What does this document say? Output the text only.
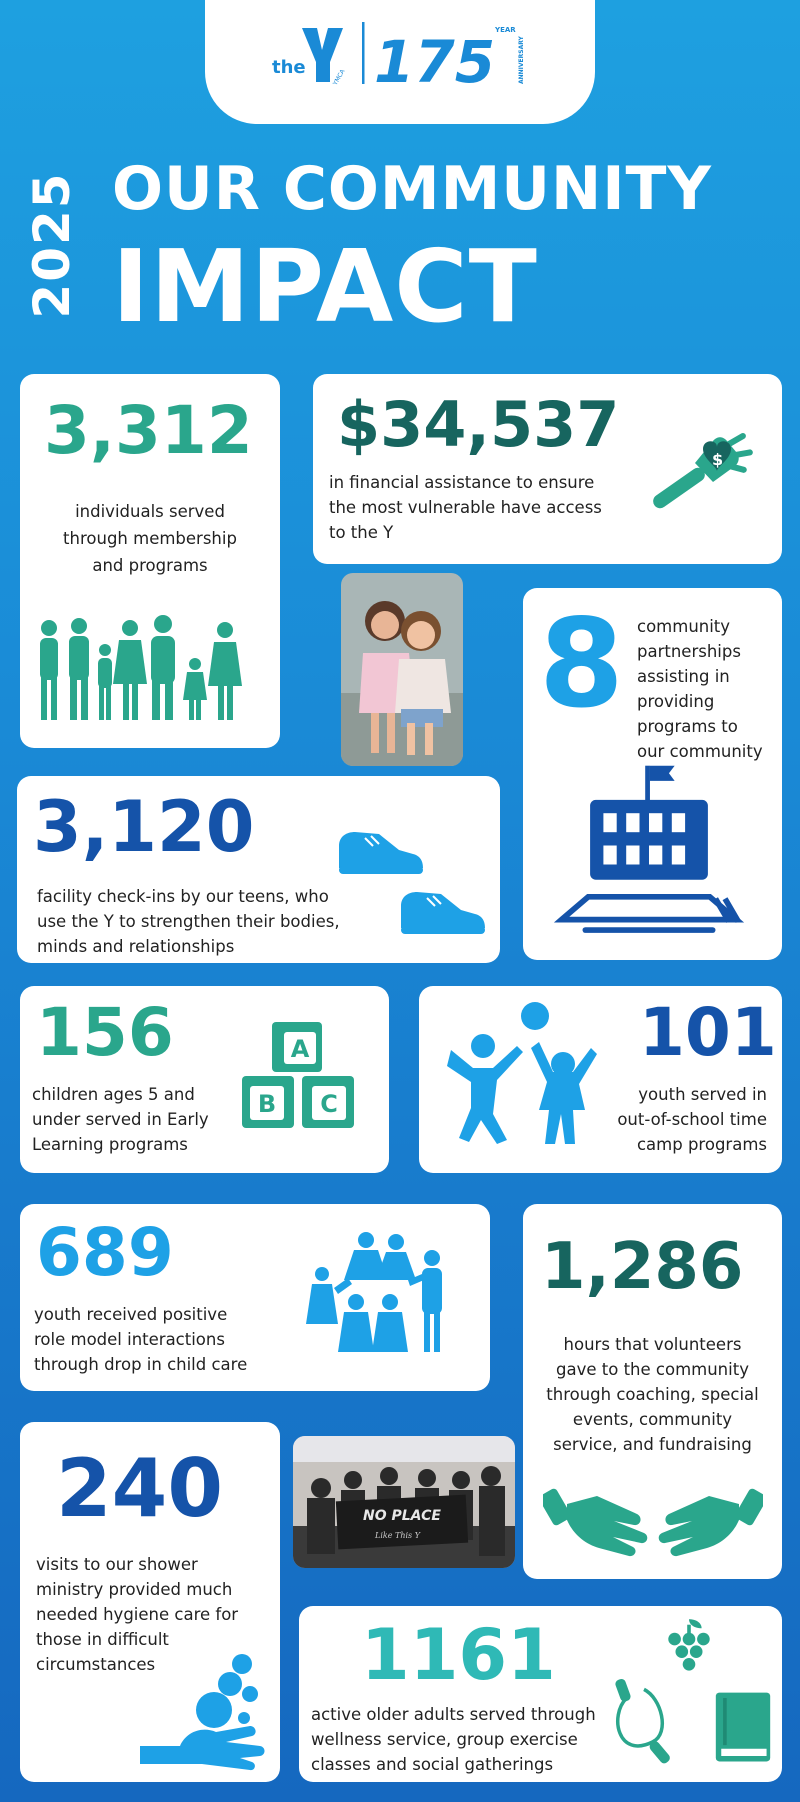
the	YMCA 175 YEAR
ANNIVERSARY
2025 OUR COMMUNITY
IMPACT
3,312
individuals served
through membership
and programs
$34,537
in financial assistance to ensure
the most vulnerable have access
to the Y
$
8 community
partnerships
assisting in
providing
programs to
our community
3,120
facility check-ins by our teens, who
use the Y to strengthen their bodies,
minds and relationships
156
children ages 5 and
under served in Early
Learning programs
A
B C
101
youth served in
out-of-school time
camp programs
689
youth received positive
role model interactions
through drop in child care
1,286
hours that volunteers
gave to the community
through coaching, special
events, community
service, and fundraising
240
visits to our shower
ministry provided much
needed hygiene care for
those in difficult
circumstances
NO PLACE
Like This Y
1161
active older adults served through
wellness service, group exercise
classes and social gatherings
